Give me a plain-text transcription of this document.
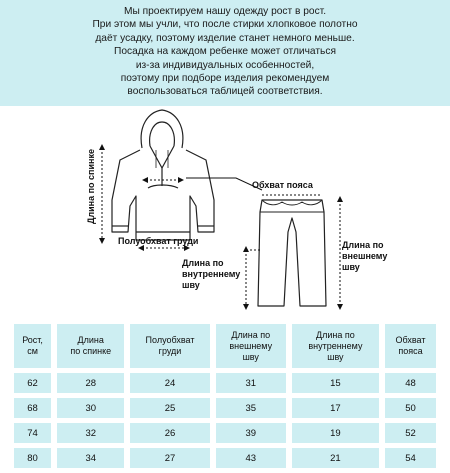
Мы проектируем нашу одежду рост в рост.

При этом мы учли, что после стирки хлопковое полотно

даёт усадку, поэтому изделие станет немного меньше.

Посадка на каждом ребенке может отличаться

из-за индивидуальных особенностей,

поэтому при подборе изделия рекомендуем

воспользоваться таблицей соответствия.

Длина по спинке
Полуобхват груди
Обхват пояса
Длина по
внешнему
шву
Длина по
внутреннему
шву
Рост,
см	Длина
по спинке	Полуобхват
груди	Длина по
внешнему
шву	Длина по
внутреннему
шву	Обхват
пояса
62	28	24	31	15	48
68	30	25	35	17	50
74	32	26	39	19	52
80	34	27	43	21	54
